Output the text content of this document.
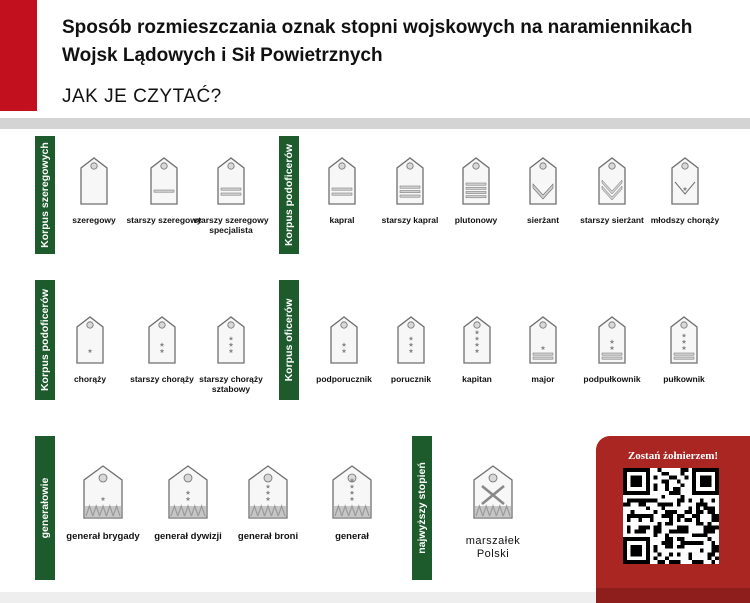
Sposób rozmieszczania oznak stopni wojskowych na naramiennikach Wojsk Lądowych i Sił Powietrznych
JAK JE CZYTAĆ?
Korpus szeregowych	szeregowy	starszy szeregowy
starszy szeregowy specjalista	Korpus podoficerów	kapral	starszy kapral	plutonowy	sierżant	starszy sierżant młodszy chorąży
Korpus podoficerów	chorąży	starszy chorąży starszy chorąży sztabowy
Korpus oficerów	podporucznik	porucznik	kapitan	major	podpułkownik	pułkownik
generałowie	generał brygady	generał dywizji	generał broni	generał	najwyższy stopień	marszałek Polski
Zostań żołnierzem!
